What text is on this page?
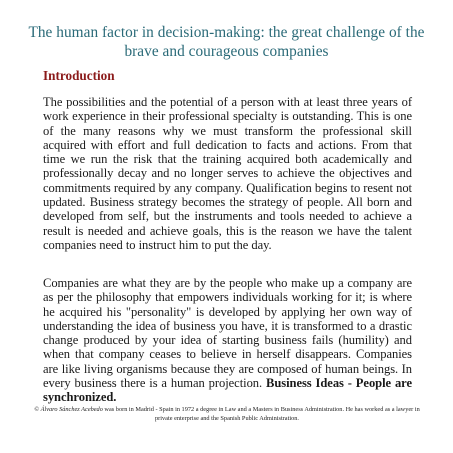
The human factor in decision-making: the great challenge of the brave and courageous companies
Introduction

The possibilities and the potential of a person with at least three years of work experience in their professional specialty is outstanding. This is one of the many reasons why we must transform the professional skill acquired with effort and full dedication to facts and actions. From that time we run the risk that the training acquired both academically and professionally decay and no longer serves to achieve the objectives and commitments required by any company. Qualification begins to resent not updated. Business strategy becomes the strategy of people. All born and developed from self, but the instruments and tools needed to achieve a result is needed and achieve goals, this is the reason we have the talent companies need to instruct him to put the day.

Companies are what they are by the people who make up a company are as per the philosophy that empowers individuals working for it; is where he acquired his "personality" is developed by applying her own way of understanding the idea of business you have, it is transformed to a drastic change produced by your idea of starting business fails (humility) and when that company ceases to believe in herself disappears. Companies are like living organisms because they are composed of human beings. In every business there is a human projection. Business Ideas - People are synchronized.

© Álvaro Sánchez Acebedo was born in Madrid - Spain in 1972 a degree in Law and a Masters in Business Administration. He has worked as a lawyer in private enterprise and the Spanish Public Administration.
